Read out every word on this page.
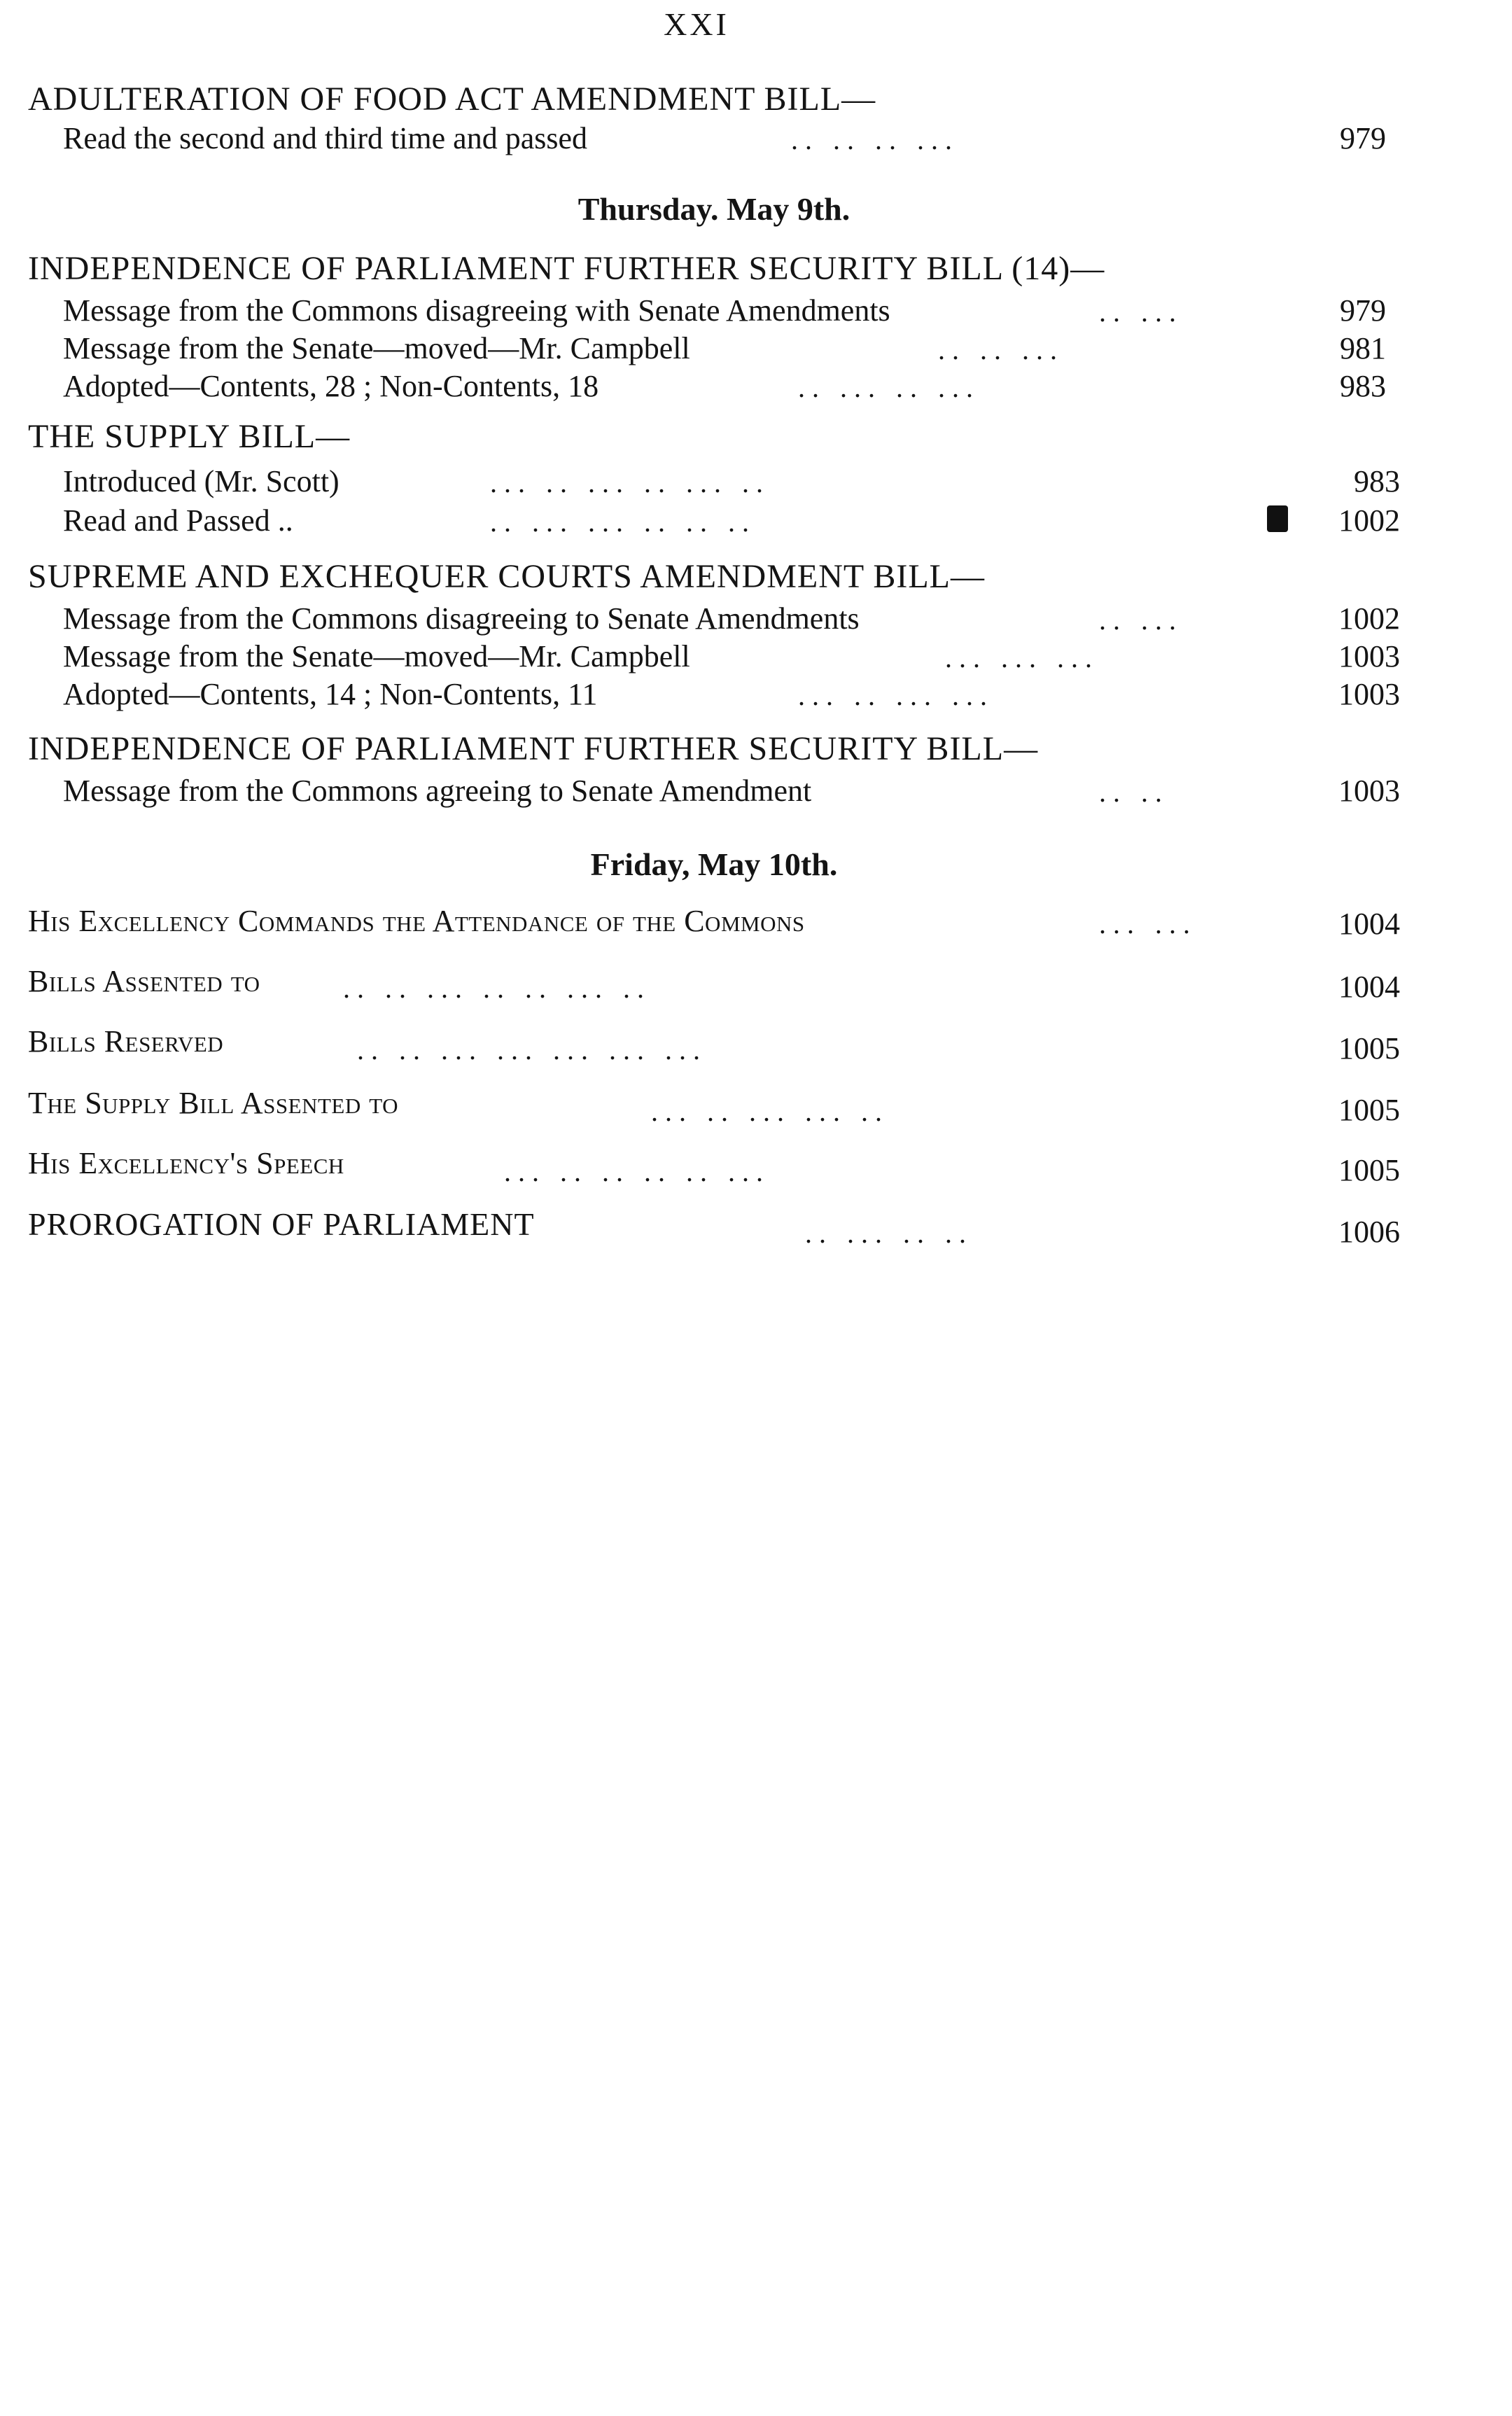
XXI
ADULTERATION OF FOOD ACT AMENDMENT BILL—
Read the second and third time and passed	.. .. .. ...	979
Thursday. May 9th.
INDEPENDENCE OF PARLIAMENT FURTHER SECURITY BILL (14)—
Message from the Commons disagreeing with Senate Amendments	.. ...	979
Message from the Senate—moved—Mr. Campbell	.. .. ...	981
Adopted—Contents, 28 ; Non-Contents, 18	.. ... .. ...	983
THE SUPPLY BILL—
Introduced (Mr. Scott)	... .. ... .. ... ..	983
Read and Passed ..	.. ... ... .. .. ..	1002
SUPREME AND EXCHEQUER COURTS AMENDMENT BILL—
Message from the Commons disagreeing to Senate Amendments	.. ...	1002
Message from the Senate—moved—Mr. Campbell	... ... ...	1003
Adopted—Contents, 14 ; Non-Contents, 11	... .. ... ...	1003
INDEPENDENCE OF PARLIAMENT FURTHER SECURITY BILL—
Message from the Commons agreeing to Senate Amendment	.. ..	1003
Friday, May 10th.
His Excellency Commands the Attendance of the Commons	... ...	1004
Bills Assented to	.. .. ... .. .. ... ..	1004
Bills Reserved	.. .. ... ... ... ... ...	1005
The Supply Bill Assented to	... .. ... ... ..	1005
His Excellency's Speech	... .. .. .. .. ...	1005
PROROGATION OF PARLIAMENT	.. ... .. ..	1006
